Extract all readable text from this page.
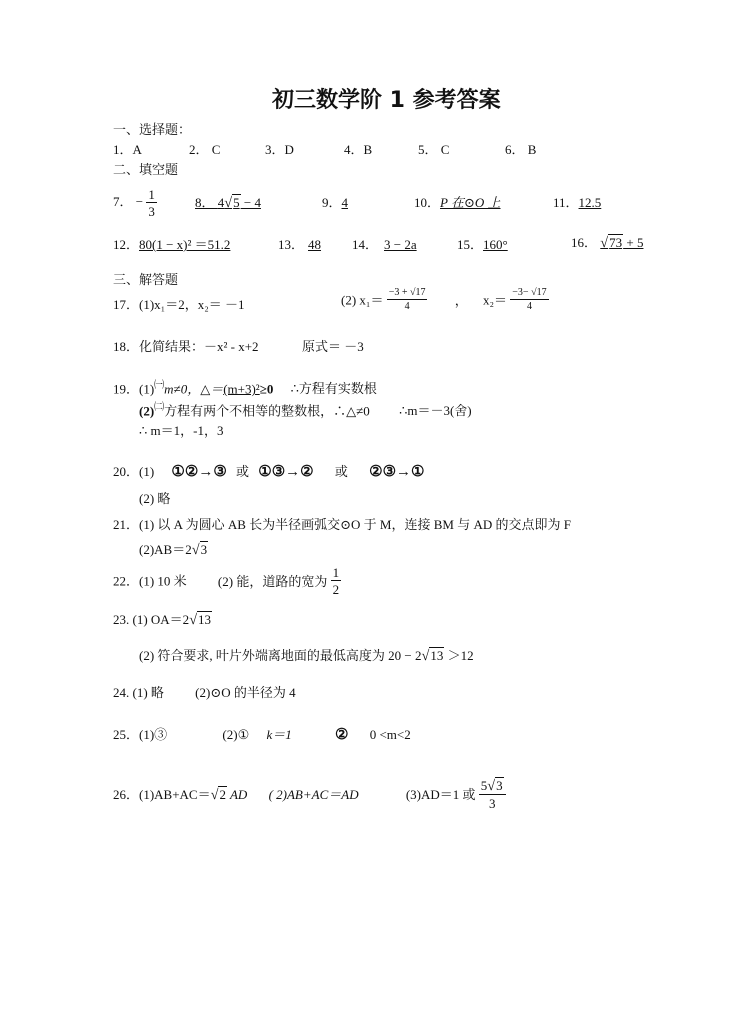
初三数学阶 1 参考答案
一、选择题：
1．A	2． C	3．D	4．B	5． C	6． B
二、填空题
7． − $\frac{1}{3}$	8． 4√5 − 4	9．4	10．P 在⊙O 上	11．12.5
12．80(1 − x)² ＝51.2	13． 48	14． 3 − 2a	15．160°	16． √73 + 5
三、解答题
17．(1)x₁＝2，x₂＝ －1	(2) $x_1= \frac{-3 + √17}{4}$ ， $x_2= \frac{-3- √17}{4}$
18．化简结果：－x² - x+2	原式＝ －3
19．$(1)^㈠m\ne 0$，△＝(m+3)²≥0 ∴方程有实数根
$(2)^㈡$方程有两个不相等的整数根，∴△≠0 ∴m＝－3(舍)
∴ m＝1，-1，3
20．(1) ①②→③ 或 ①③→② 或 ②③→①
(2) 略
21．(1) 以 A 为圆心 AB 长为半径画弧交⊙O 于 M，连接 BM 与 AD 的交点即为 F
(2)AB＝2√3
22．(1) 10 米 (2) 能，道路的宽为 $\frac{1}{2}$
23. (1) OA＝2√13
(2) 符合要求, 叶片外端离地面的最低高度为 20 − 2√13 ＞12
24. (1) 略 (2)⊙O 的半径为 4
25．(1)③	(2)① k＝1	② 0 <m<2
26．(1)AB+AC＝√2 AD ( 2)AB+AC＝AD	(3)AD＝1 或 $\frac{5√3}{3}$
